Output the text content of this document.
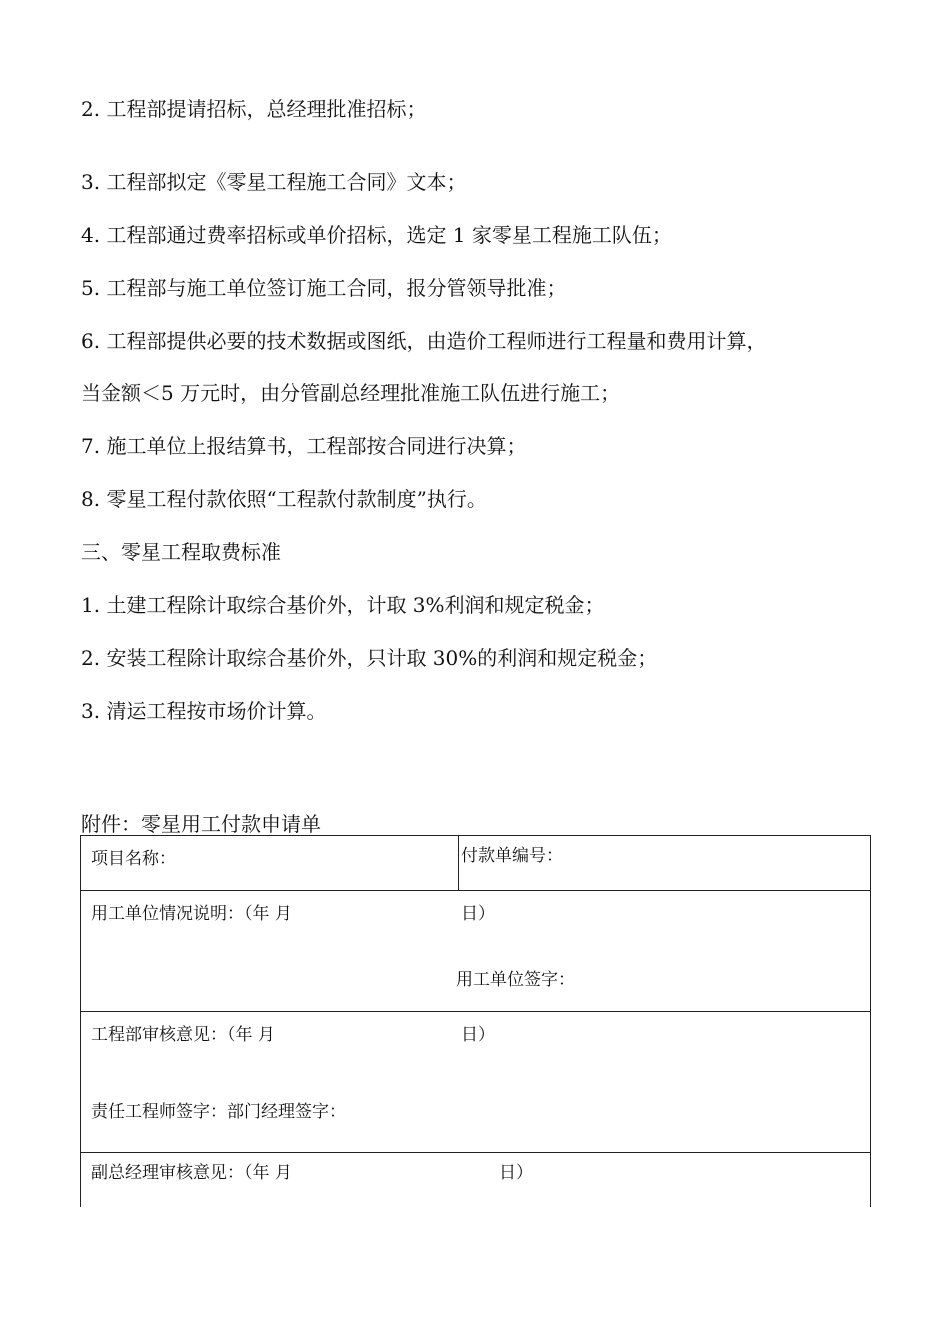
2. 工程部提请招标，总经理批准招标；
3. 工程部拟定《零星工程施工合同》文本；
4. 工程部通过费率招标或单价招标，选定 1 家零星工程施工队伍；
5. 工程部与施工单位签订施工合同，报分管领导批准；
6. 工程部提供必要的技术数据或图纸，由造价工程师进行工程量和费用计算，
当金额＜5 万元时，由分管副总经理批准施工队伍进行施工；
7. 施工单位上报结算书，工程部按合同进行决算；
8. 零星工程付款依照“工程款付款制度”执行。
三、零星工程取费标准
1. 土建工程除计取综合基价外，计取 3%利润和规定税金；
2. 安装工程除计取综合基价外，只计取 30%的利润和规定税金；
3. 清运工程按市场价计算。
附件：零星用工付款申请单
项目名称：	付款单编号：
用工单位情况说明：（年 月	日）
用工单位签字：
工程部审核意见：（年 月	日）
责任工程师签字：部门经理签字：
副总经理审核意见：（年 月	日）
